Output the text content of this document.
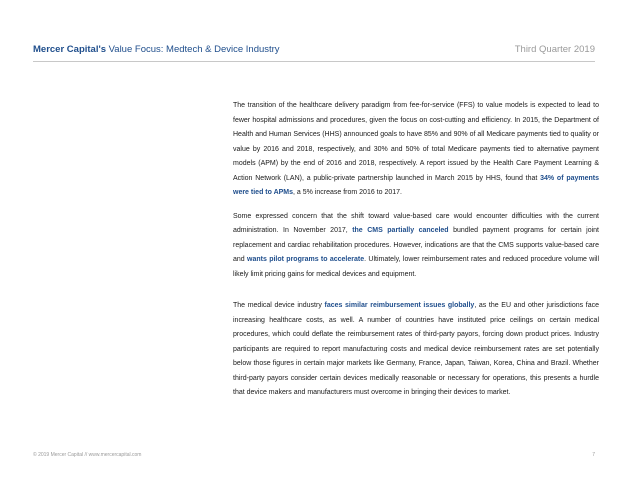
Mercer Capital's Value Focus: Medtech & Device Industry	Third Quarter 2019

The transition of the healthcare delivery paradigm from fee-for-service (FFS) to value models is expected to lead to fewer hospital admissions and procedures, given the focus on cost-cutting and efficiency. In 2015, the Department of Health and Human Services (HHS) announced goals to have 85% and 90% of all Medicare payments tied to quality or value by 2016 and 2018, respectively, and 30% and 50% of total Medicare payments tied to alternative payment models (APM) by the end of 2016 and 2018, respectively. A report issued by the Health Care Payment Learning & Action Network (LAN), a public-private partnership launched in March 2015 by HHS, found that 34% of payments were tied to APMs, a 5% increase from 2016 to 2017.

Some expressed concern that the shift toward value-based care would encounter difficulties with the current administration. In November 2017, the CMS partially canceled bundled payment programs for certain joint replacement and cardiac rehabilitation procedures. However, indications are that the CMS supports value-based care and wants pilot programs to accelerate. Ultimately, lower reimbursement rates and reduced procedure volume will likely limit pricing gains for medical devices and equipment.

The medical device industry faces similar reimbursement issues globally, as the EU and other jurisdictions face increasing healthcare costs, as well. A number of countries have instituted price ceilings on certain medical procedures, which could deflate the reimbursement rates of third-party payors, forcing down product prices. Industry participants are required to report manufacturing costs and medical device reimbursement rates are set potentially below those figures in certain major markets like Germany, France, Japan, Taiwan, Korea, China and Brazil. Whether third-party payors consider certain devices medically reasonable or necessary for operations, this presents a hurdle that device makers and manufacturers must overcome in bringing their devices to market.

© 2019 Mercer Capital // www.mercercapital.com	7
